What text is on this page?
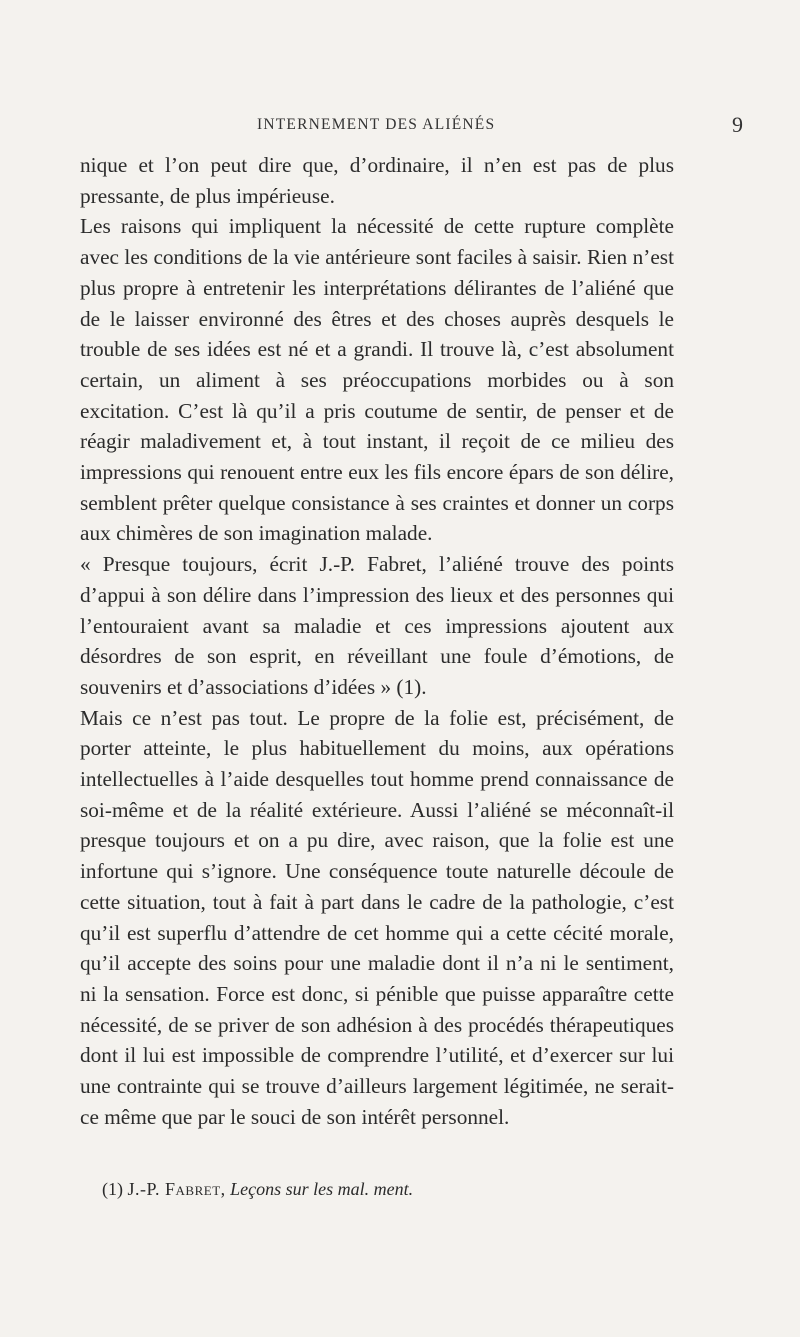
INTERNEMENT DES ALIÉNÉS	9

nique et l’on peut dire que, d’ordinaire, il n’en est pas de plus pressante, de plus impérieuse.

Les raisons qui impliquent la nécessité de cette rupture complète avec les conditions de la vie antérieure sont faciles à saisir. Rien n’est plus propre à entretenir les interprétations délirantes de l’aliéné que de le laisser environné des êtres et des choses auprès desquels le trouble de ses idées est né et a grandi. Il trouve là, c’est absolument certain, un aliment à ses préoccupations morbides ou à son excitation. C’est là qu’il a pris coutume de sentir, de penser et de réagir maladivement et, à tout instant, il reçoit de ce milieu des impressions qui renouent entre eux les fils encore épars de son délire, semblent prêter quelque consistance à ses craintes et donner un corps aux chimères de son imagination malade.

« Presque toujours, écrit J.-P. Fabret, l’aliéné trouve des points d’appui à son délire dans l’impression des lieux et des personnes qui l’entouraient avant sa maladie et ces impressions ajoutent aux désordres de son esprit, en réveillant une foule d’émotions, de souvenirs et d’associations d’idées » (1).

Mais ce n’est pas tout. Le propre de la folie est, précisément, de porter atteinte, le plus habituellement du moins, aux opérations intellectuelles à l’aide desquelles tout homme prend connaissance de soi-même et de la réalité extérieure. Aussi l’aliéné se méconnaît-il presque toujours et on a pu dire, avec raison, que la folie est une infortune qui s’ignore. Une conséquence toute naturelle découle de cette situation, tout à fait à part dans le cadre de la pathologie, c’est qu’il est superflu d’attendre de cet homme qui a cette cécité morale, qu’il accepte des soins pour une maladie dont il n’a ni le sentiment, ni la sensation. Force est donc, si pénible que puisse apparaître cette nécessité, de se priver de son adhésion à des procédés thérapeutiques dont il lui est impossible de comprendre l’utilité, et d’exercer sur lui une contrainte qui se trouve d’ailleurs largement légitimée, ne serait-ce même que par le souci de son intérêt personnel.

(1) J.-P. Fabret, Leçons sur les mal. ment.
